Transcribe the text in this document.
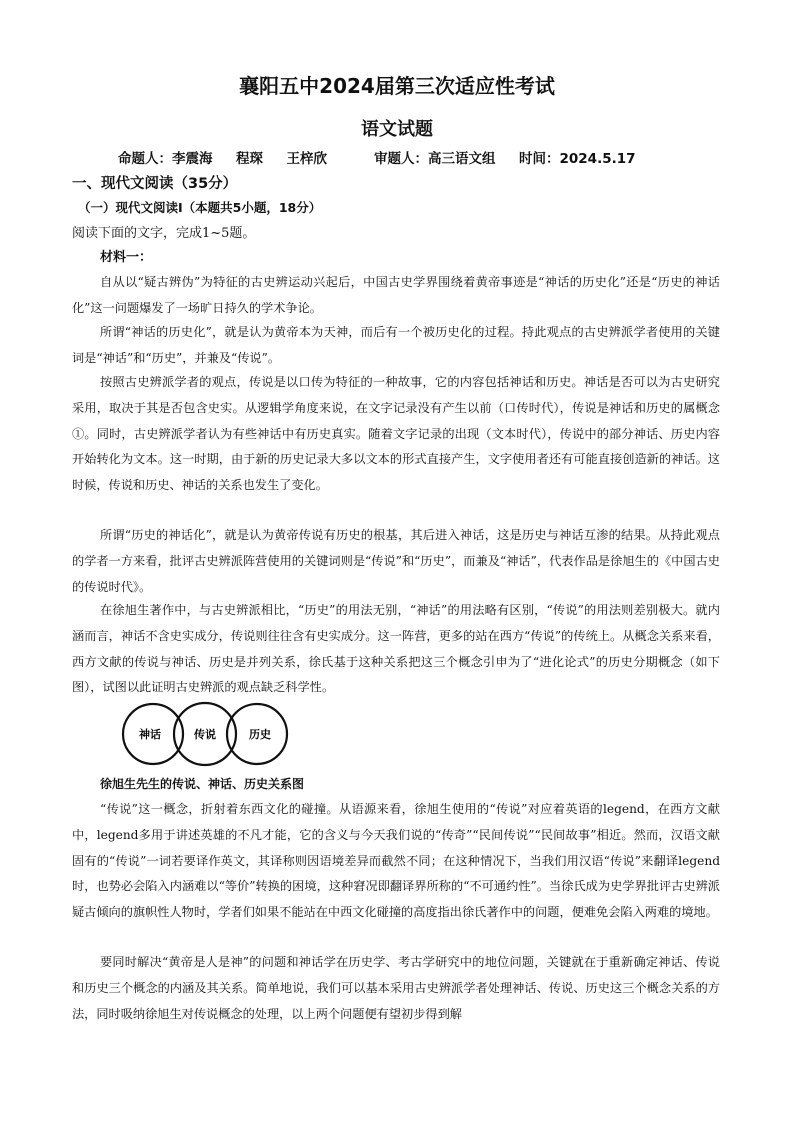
襄阳五中2024届第三次适应性考试
语文试题
命题人：李震海     程琛     王梓欣          审题人：高三语文组     时间：2024.5.17
一、现代文阅读（35分）
（一）现代文阅读Ⅰ（本题共5小题，18分）
阅读下面的文字，完成1~5题。
材料一：

自从以“疑古辨伪”为特征的古史辨运动兴起后，中国古史学界围绕着黄帝事迹是“神话的历史化”还是“历史的神话化”这一问题爆发了一场旷日持久的学术争论。

所谓“神话的历史化”，就是认为黄帝本为天神，而后有一个被历史化的过程。持此观点的古史辨派学者使用的关键词是“神话”和“历史”，并兼及“传说”。

按照古史辨派学者的观点，传说是以口传为特征的一种故事，它的内容包括神话和历史。神话是否可以为古史研究采用，取决于其是否包含史实。从逻辑学角度来说，在文字记录没有产生以前（口传时代），传说是神话和历史的属概念①。同时，古史辨派学者认为有些神话中有历史真实。随着文字记录的出现（文本时代），传说中的部分神话、历史内容开始转化为文本。这一时期，由于新的历史记录大多以文本的形式直接产生，文字使用者还有可能直接创造新的神话。这时候，传说和历史、神话的关系也发生了变化。

所谓“历史的神话化”，就是认为黄帝传说有历史的根基，其后进入神话，这是历史与神话互渗的结果。从持此观点的学者一方来看，批评古史辨派阵营使用的关键词则是“传说”和“历史”，而兼及“神话”，代表作品是徐旭生的《中国古史的传说时代》。

在徐旭生著作中，与古史辨派相比，“历史”的用法无别，“神话”的用法略有区别，“传说”的用法则差别极大。就内涵而言，神话不含史实成分，传说则往往含有史实成分。这一阵营，更多的站在西方“传说”的传统上。从概念关系来看，西方文献的传说与神话、历史是并列关系，徐氏基于这种关系把这三个概念引申为了“进化论式”的历史分期概念（如下图），试图以此证明古史辨派的观点缺乏科学性。

神话	传说	历史
徐旭生先生的传说、神话、历史关系图

“传说”这一概念，折射着东西文化的碰撞。从语源来看，徐旭生使用的“传说”对应着英语的legend，在西方文献中，legend多用于讲述英雄的不凡才能，它的含义与今天我们说的“传奇”“民间传说”“民间故事”相近。然而，汉语文献固有的“传说”一词若要译作英文，其译称则因语境差异而截然不同；在这种情况下，当我们用汉语“传说”来翻译legend时，也势必会陷入内涵难以“等价”转换的困境，这种窘况即翻译界所称的“不可通约性”。当徐氏成为史学界批评古史辨派疑古倾向的旗帜性人物时，学者们如果不能站在中西文化碰撞的高度指出徐氏著作中的问题，便难免会陷入两难的境地。

要同时解决“黄帝是人是神”的问题和神话学在历史学、考古学研究中的地位问题，关键就在于重新确定神话、传说和历史三个概念的内涵及其关系。简单地说，我们可以基本采用古史辨派学者处理神话、传说、历史这三个概念关系的方法，同时吸纳徐旭生对传说概念的处理，以上两个问题便有望初步得到解
